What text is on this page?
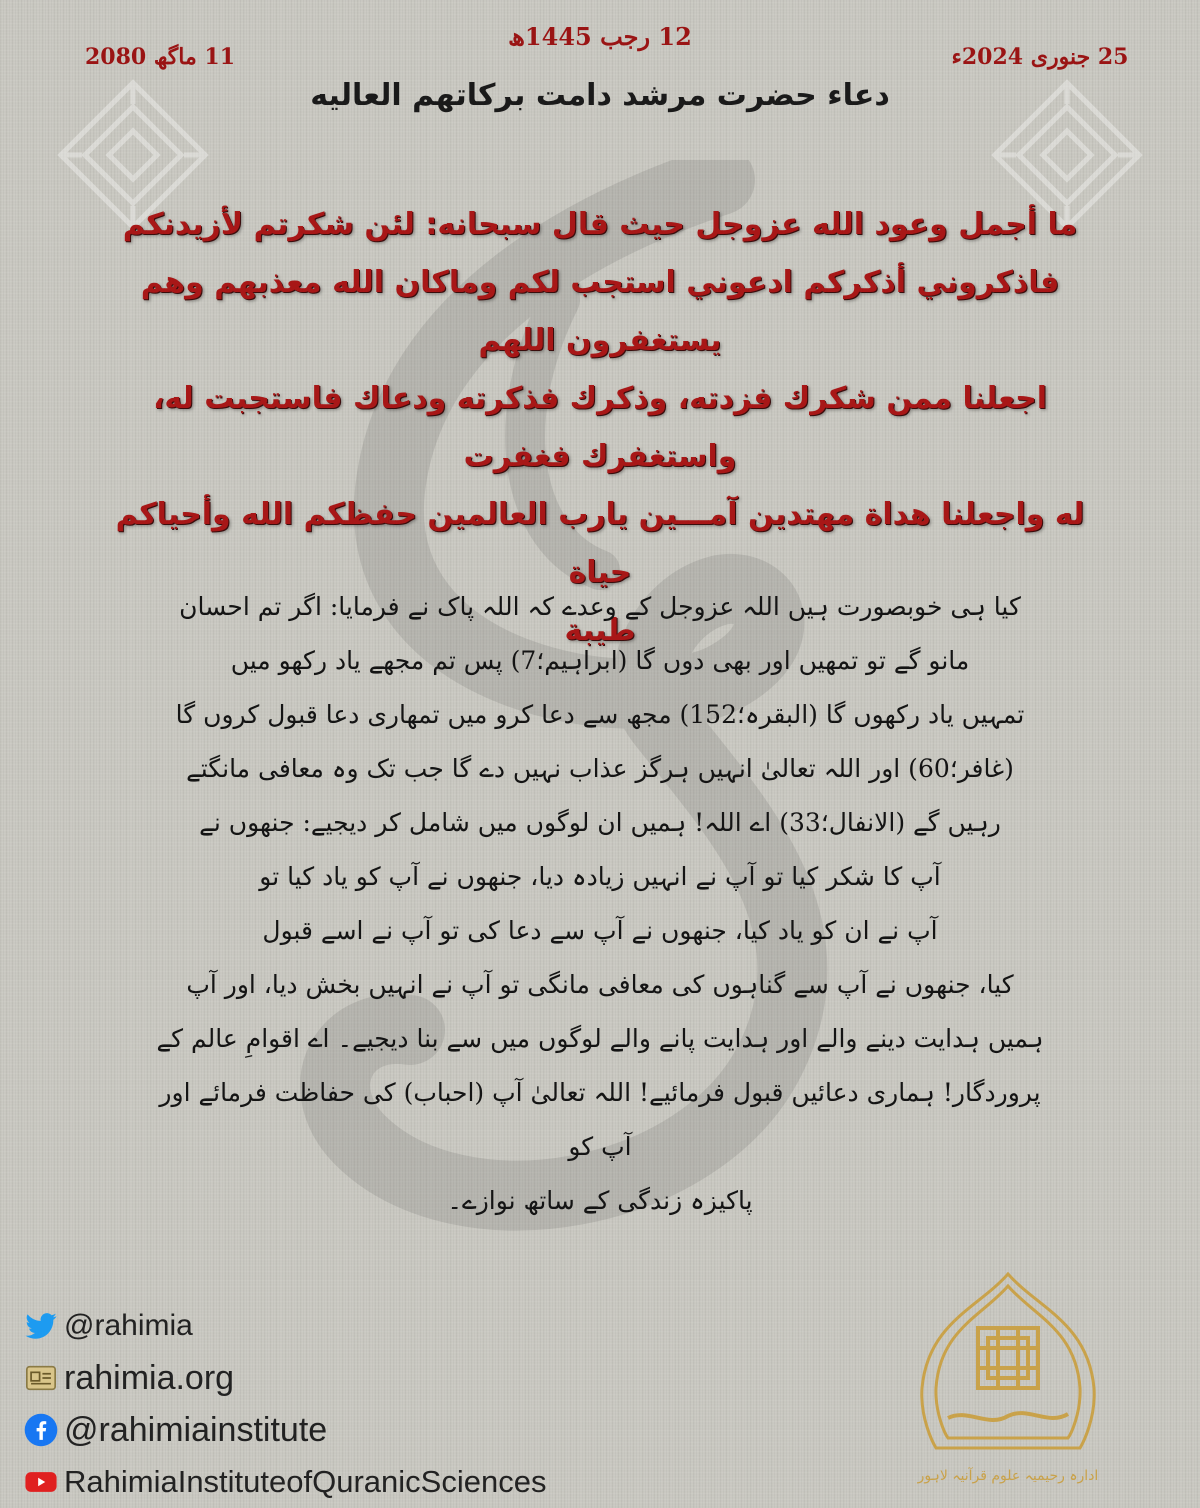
12 رجب 1445ھ
11 ماگھ 2080	25 جنوری 2024ء
دعاء حضرت مرشد دامت برکاتهم العالیه
ما أجمل وعود الله عزوجل حيث قال سبحانه: لئن شكرتم لأزيدنكم
فاذكروني أذكركم ادعوني استجب لكم وماكان الله معذبهم وهم يستغفرون اللهم
اجعلنا ممن شكرك فزدته، وذكرك فذكرته ودعاك فاستجبت له، واستغفرك فغفرت
له واجعلنا هداة مهتدين آمـــين يارب العالمين حفظكم الله وأحياكم حياة
طيبة
کیا ہی خوبصورت ہیں اللہ عزوجل کے وعدے کہ اللہ پاک نے فرمایا: اگر تم احسان
مانو گے تو تمھیں اور بھی دوں گا (ابراہیم؛7) پس تم مجھے یاد رکھو میں
تمہیں یاد رکھوں گا (البقرہ؛152) مجھ سے دعا کرو میں تمھاری دعا قبول کروں گا
(غافر؛60) اور اللہ تعالیٰ انہیں ہرگز عذاب نہیں دے گا جب تک وہ معافی مانگتے
رہیں گے (الانفال؛33) اے اللہ! ہمیں ان لوگوں میں شامل کر دیجیے: جنھوں نے
آپ کا شکر کیا تو آپ نے انہیں زیادہ دیا، جنھوں نے آپ کو یاد کیا تو
آپ نے ان کو یاد کیا، جنھوں نے آپ سے دعا کی تو آپ نے اسے قبول
کیا، جنھوں نے آپ سے گناہوں کی معافی مانگی تو آپ نے انہیں بخش دیا، اور آپ
ہمیں ہدایت دینے والے اور ہدایت پانے والے لوگوں میں سے بنا دیجیے۔ اے اقوامِ عالم کے
پروردگار! ہماری دعائیں قبول فرمائیے! اللہ تعالیٰ آپ (احباب) کی حفاظت فرمائے اور آپ کو
پاکیزہ زندگی کے ساتھ نوازے۔
@rahimia
rahimia.org
@rahimiainstitute
RahimiaInstituteofQuranicSciences	ادارہ رحیمیہ علوم قرآنیہ لاہور
